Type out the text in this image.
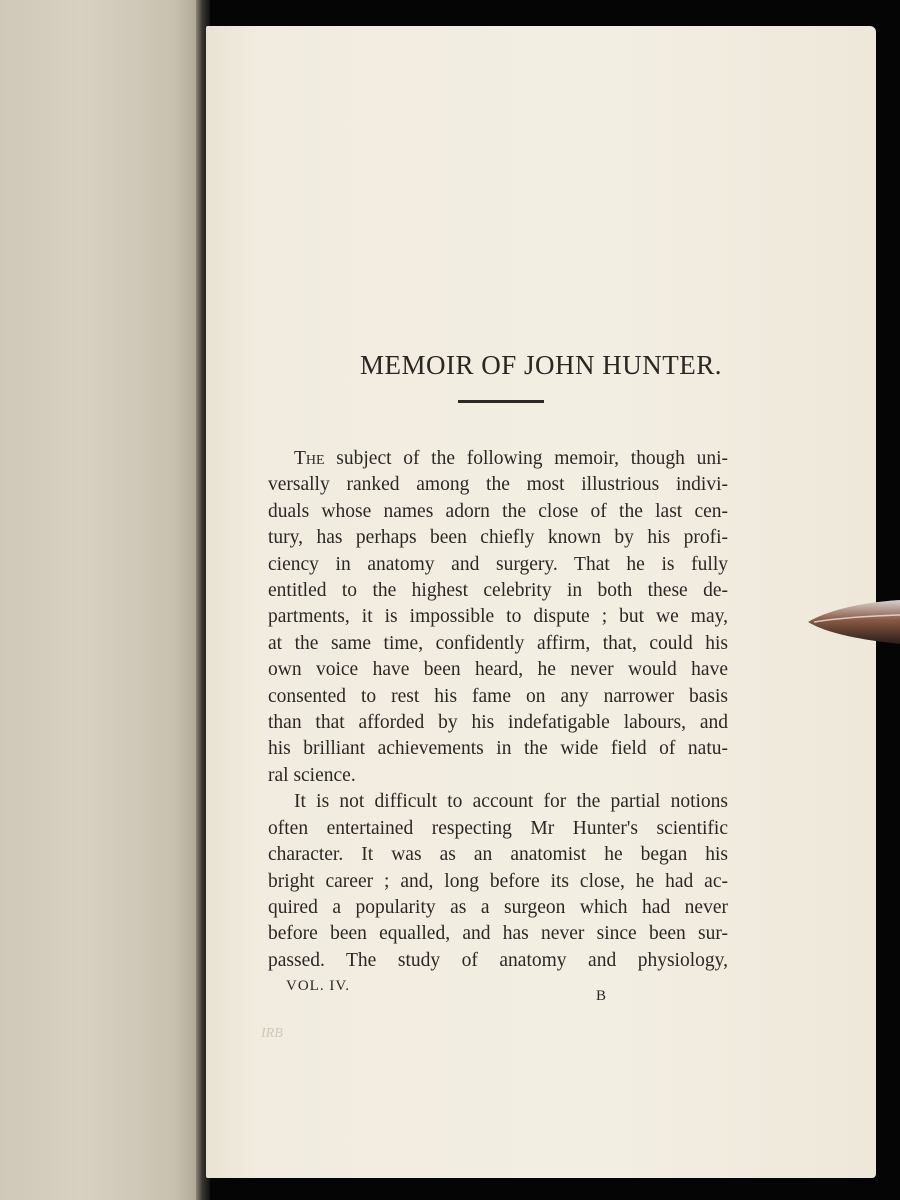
MEMOIR OF JOHN HUNTER.
The subject of the following memoir, though uni-
versally ranked among the most illustrious indivi-
duals whose names adorn the close of the last cen-
tury, has perhaps been chiefly known by his profi-
ciency in anatomy and surgery. That he is fully
entitled to the highest celebrity in both these de-
partments, it is impossible to dispute ; but we may,
at the same time, confidently affirm, that, could his
own voice have been heard, he never would have
consented to rest his fame on any narrower basis
than that afforded by his indefatigable labours, and
his brilliant achievements in the wide field of natu-
ral science.
It is not difficult to account for the partial notions
often entertained respecting Mr Hunter's scientific
character. It was as an anatomist he began his
bright career ; and, long before its close, he had ac-
quired a popularity as a surgeon which had never
before been equalled, and has never since been sur-
passed. The study of anatomy and physiology,
VOL. IV.
B
IRB
